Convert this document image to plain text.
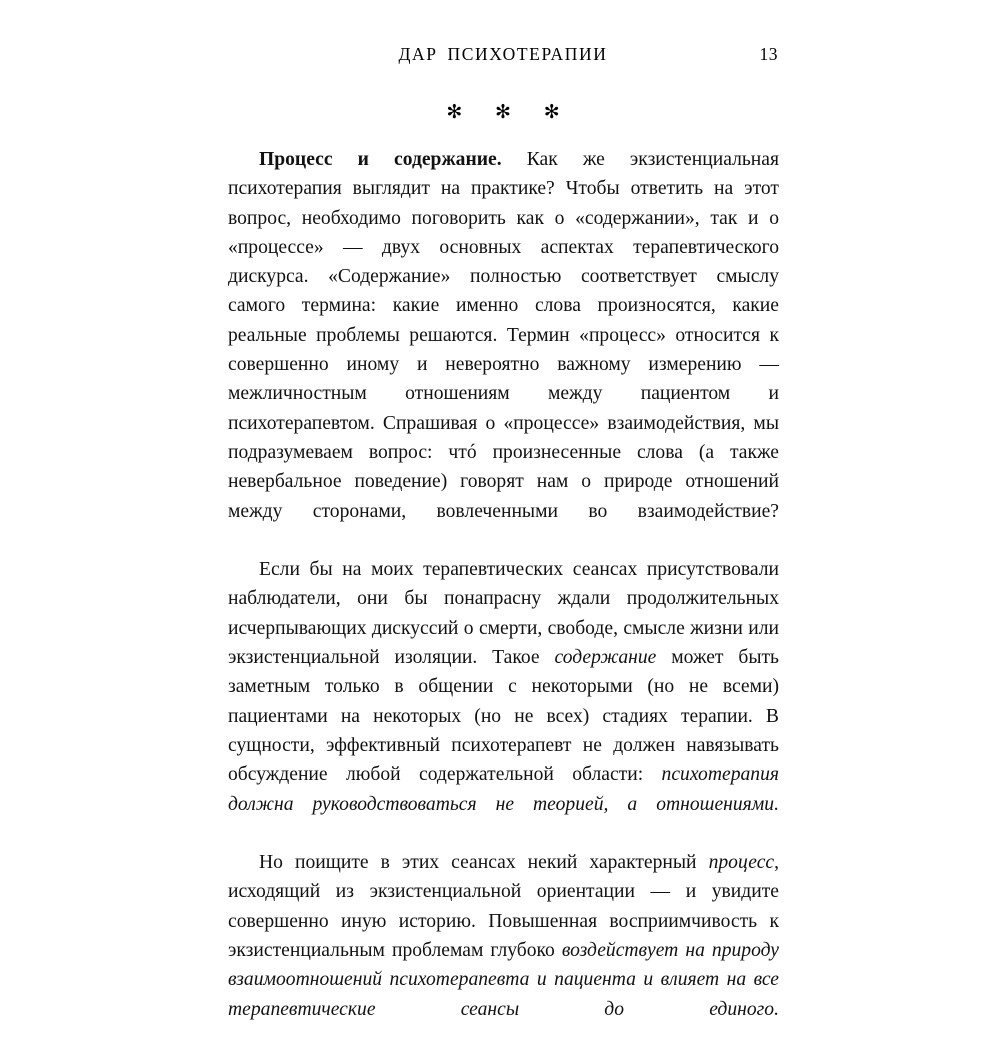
ДАР ПСИХОТЕРАПИИ	13
✻ ✻ ✻

Процесс и содержание. Как же экзистенциальная психотерапия выглядит на практике? Чтобы ответить на этот вопрос, необходимо поговорить как о «содержании», так и о «процессе» — двух основных аспектах терапевтического дискурса. «Содержание» полностью соответствует смыслу самого термина: какие именно слова произносятся, какие реальные проблемы решаются. Термин «процесс» относится к совершенно иному и невероятно важному измерению — межличностным отношениям между пациентом и психотерапевтом. Спрашивая о «процессе» взаимодействия, мы подразумеваем вопрос: чтó произнесенные слова (а также невербальное поведение) говорят нам о природе отношений между сторонами, вовлеченными во взаимодействие?

Если бы на моих терапевтических сеансах присутствовали наблюдатели, они бы понапрасну ждали продолжительных исчерпывающих дискуссий о смерти, свободе, смысле жизни или экзистенциальной изоляции. Такое содержание может быть заметным только в общении с некоторыми (но не всеми) пациентами на некоторых (но не всех) стадиях терапии. В сущности, эффективный психотерапевт не должен навязывать обсуждение любой содержательной области: психотерапия должна руководствоваться не теорией, а отношениями.

Но поищите в этих сеансах некий характерный процесс, исходящий из экзистенциальной ориентации — и увидите совершенно иную историю. Повышенная восприимчивость к экзистенциальным проблемам глубоко воздействует на природу взаимоотношений психотерапевта и пациента и влияет на все терапевтические сеансы до единого.
